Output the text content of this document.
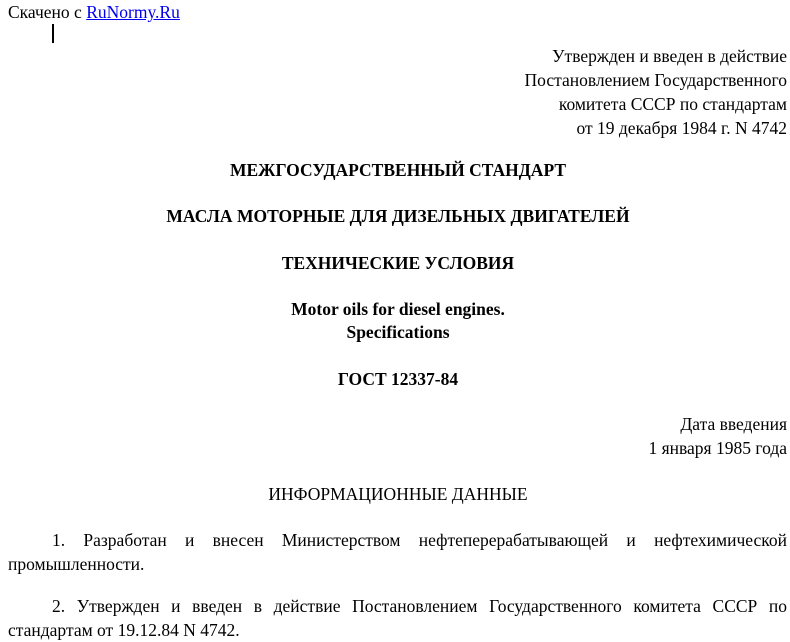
Скачено с RuNormy.Ru
Утвержден и введен в действие
Постановлением Государственного
комитета СССР по стандартам
от 19 декабря 1984 г. N 4742
МЕЖГОСУДАРСТВЕННЫЙ СТАНДАРТ
МАСЛА МОТОРНЫЕ ДЛЯ ДИЗЕЛЬНЫХ ДВИГАТЕЛЕЙ
ТЕХНИЧЕСКИЕ УСЛОВИЯ
Motor oils for diesel engines.
Specifications
ГОСТ 12337-84
Дата введения
1 января 1985 года
ИНФОРМАЦИОННЫЕ ДАННЫЕ
1. Разработан и внесен Министерством нефтеперерабатывающей и нефтехимической промышленности.
2. Утвержден и введен в действие Постановлением Государственного комитета СССР по стандартам от 19.12.84 N 4742.
